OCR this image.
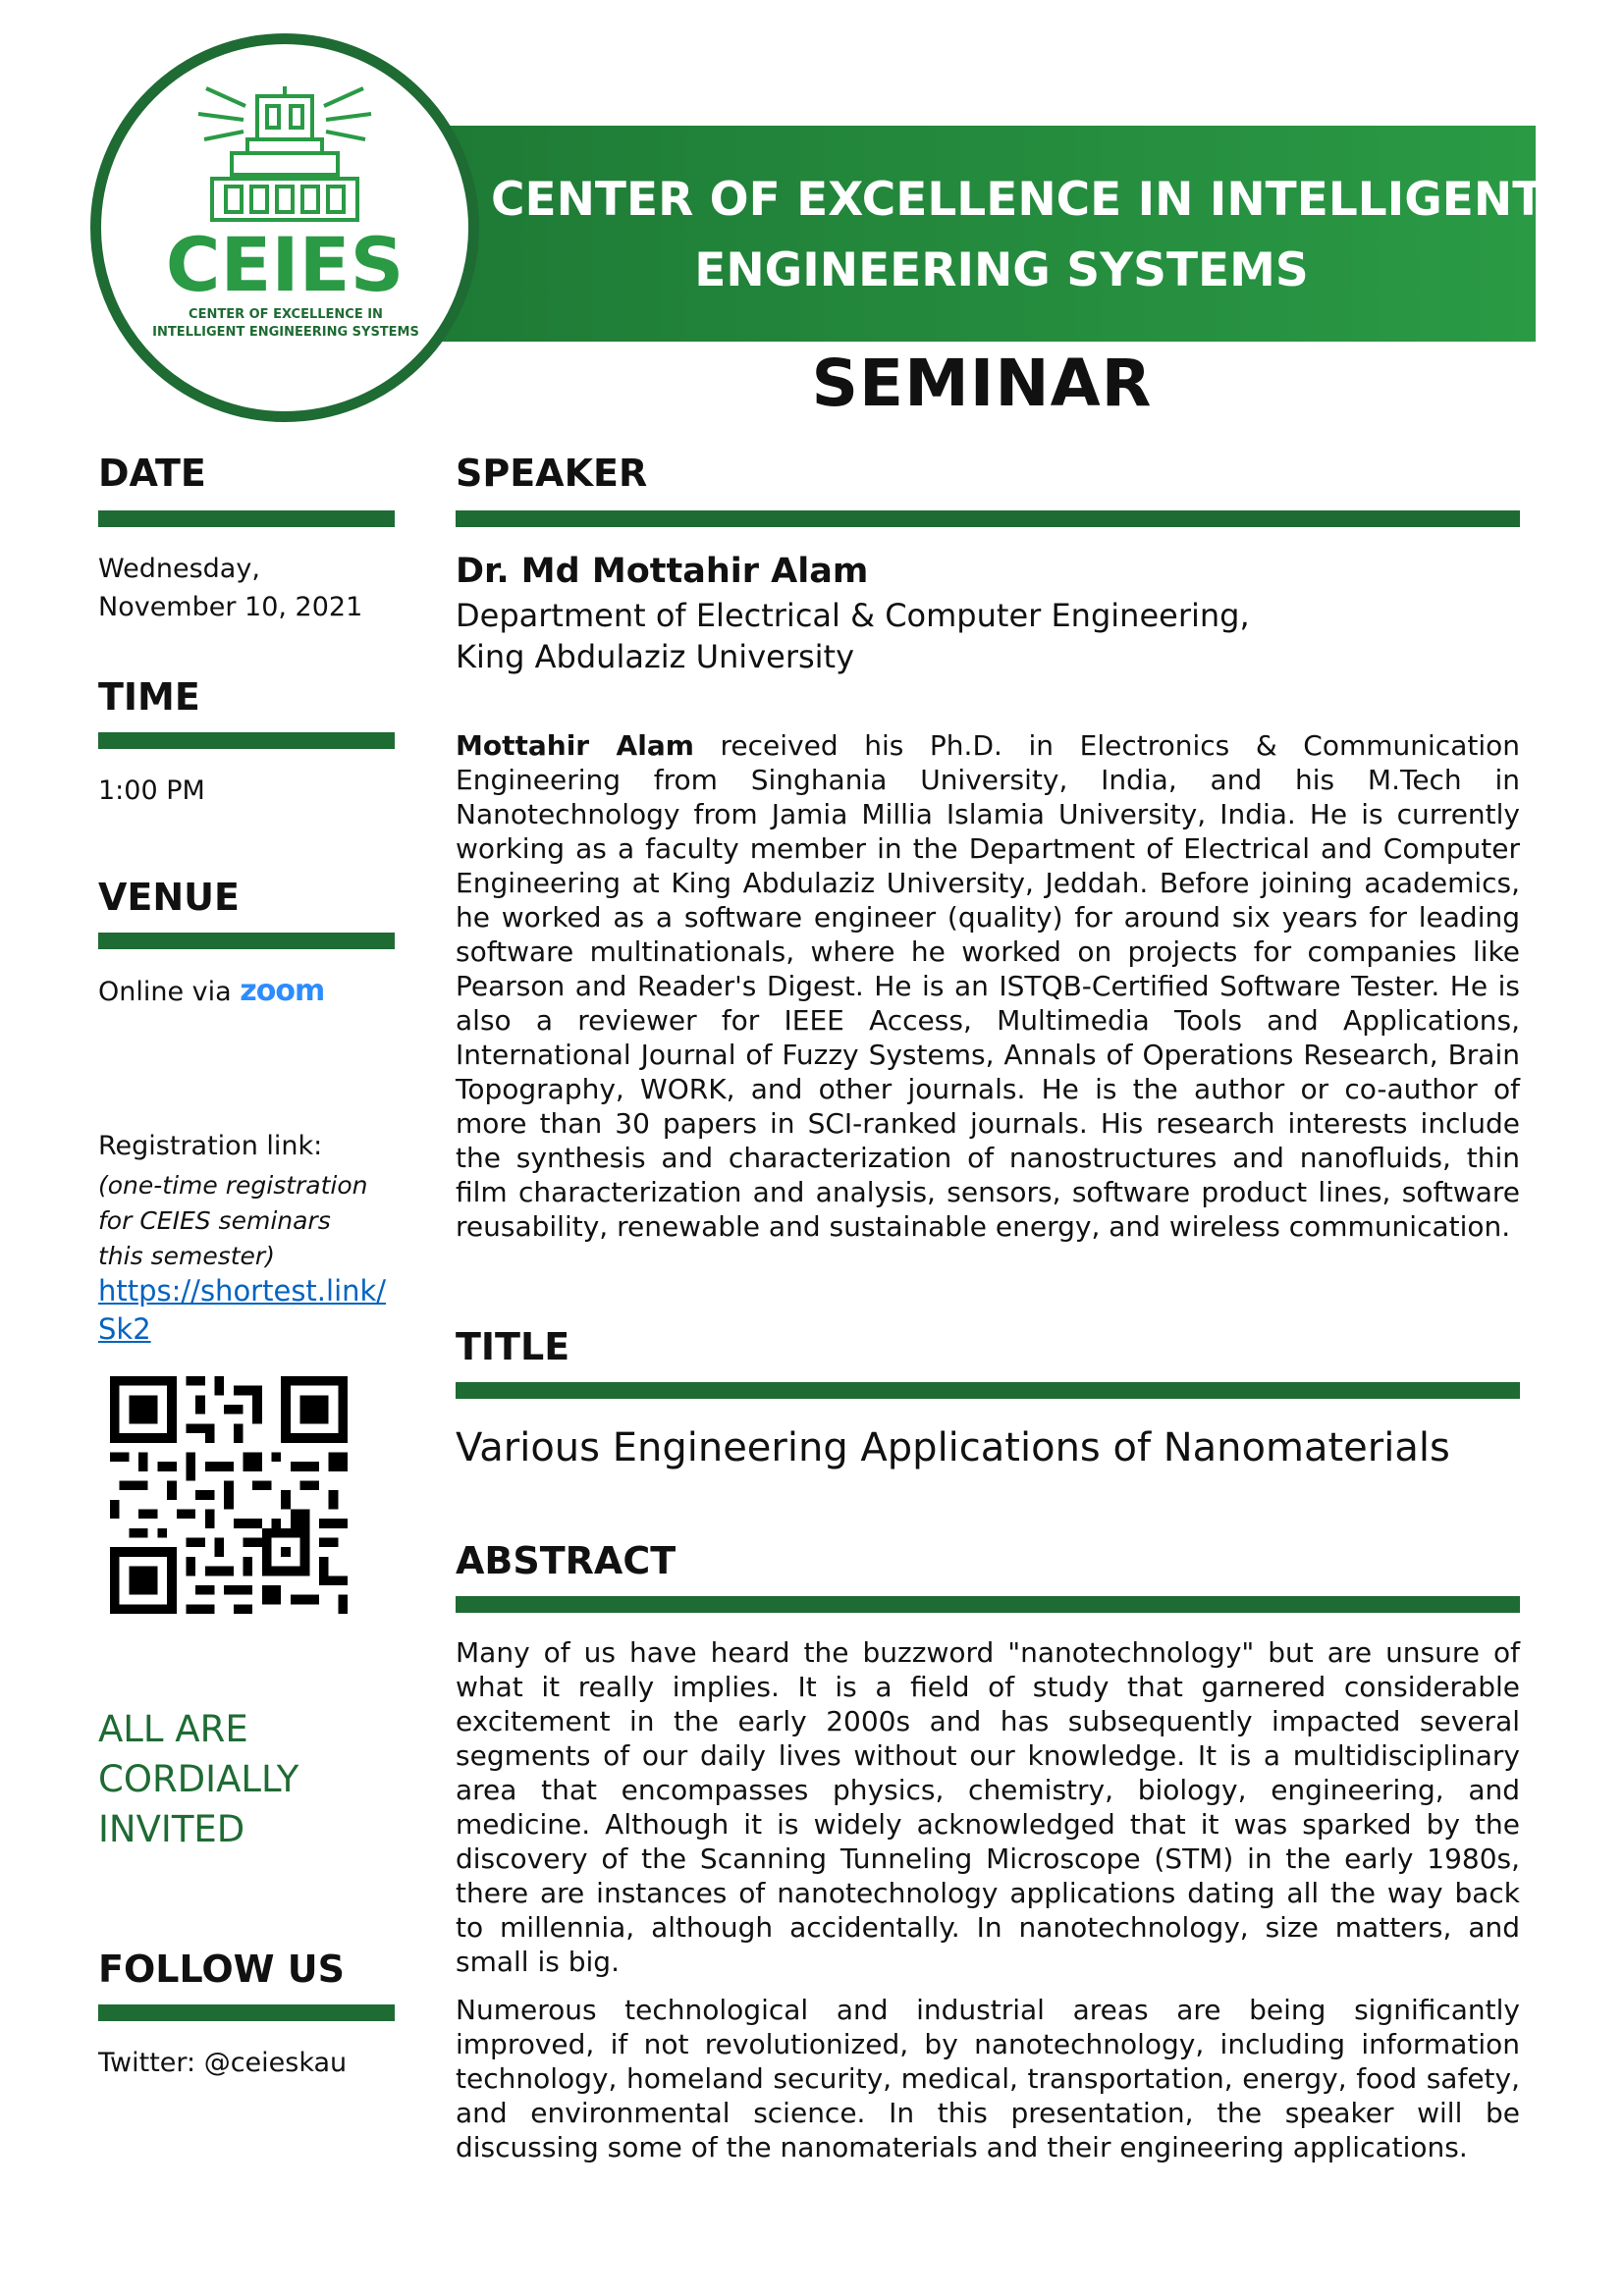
CENTER OF EXCELLENCE IN INTELLIGENT
ENGINEERING SYSTEMS
CEIES
CENTER OF EXCELLENCE IN
INTELLIGENT ENGINEERING SYSTEMS
SEMINAR
DATE
Wednesday,
November 10, 2021
TIME
1:00 PM
VENUE
Online via zoom
Registration link:
(one-time registration
for CEIES seminars
this semester)
https://shortest.link/
Sk2
ALL ARE
CORDIALLY
INVITED
FOLLOW US
Twitter: @ceieskau
SPEAKER
Dr. Md Mottahir Alam
Department of Electrical & Computer Engineering,
King Abdulaziz University

Mottahir Alam received his Ph.D. in Electronics & Communication Engineering from Singhania University, India, and his M.Tech in Nanotechnology from Jamia Millia Islamia University, India. He is currently working as a faculty member in the Department of Electrical and Computer Engineering at King Abdulaziz University, Jeddah. Before joining academics, he worked as a software engineer (quality) for around six years for leading software multinationals, where he worked on projects for companies like Pearson and Reader's Digest. He is an ISTQB-Certified Software Tester. He is also a reviewer for IEEE Access, Multimedia Tools and Applications, International Journal of Fuzzy Systems, Annals of Operations Research, Brain Topography, WORK, and other journals. He is the author or co-author of more than 30 papers in SCI-ranked journals. His research interests include the synthesis and characterization of nanostructures and nanofluids, thin film characterization and analysis, sensors, software product lines, software reusability, renewable and sustainable energy, and wireless communication.

TITLE
Various Engineering Applications of Nanomaterials
ABSTRACT

Many of us have heard the buzzword "nanotechnology" but are unsure of what it really implies. It is a field of study that garnered considerable excitement in the early 2000s and has subsequently impacted several segments of our daily lives without our knowledge. It is a multidisciplinary area that encompasses physics, chemistry, biology, engineering, and medicine. Although it is widely acknowledged that it was sparked by the discovery of the Scanning Tunneling Microscope (STM) in the early 1980s, there are instances of nanotechnology applications dating all the way back to millennia, although accidentally. In nanotechnology, size matters, and small is big.

Numerous technological and industrial areas are being significantly improved, if not revolutionized, by nanotechnology, including information technology, homeland security, medical, transportation, energy, food safety, and environmental science. In this presentation, the speaker will be discussing some of the nanomaterials and their engineering applications.
